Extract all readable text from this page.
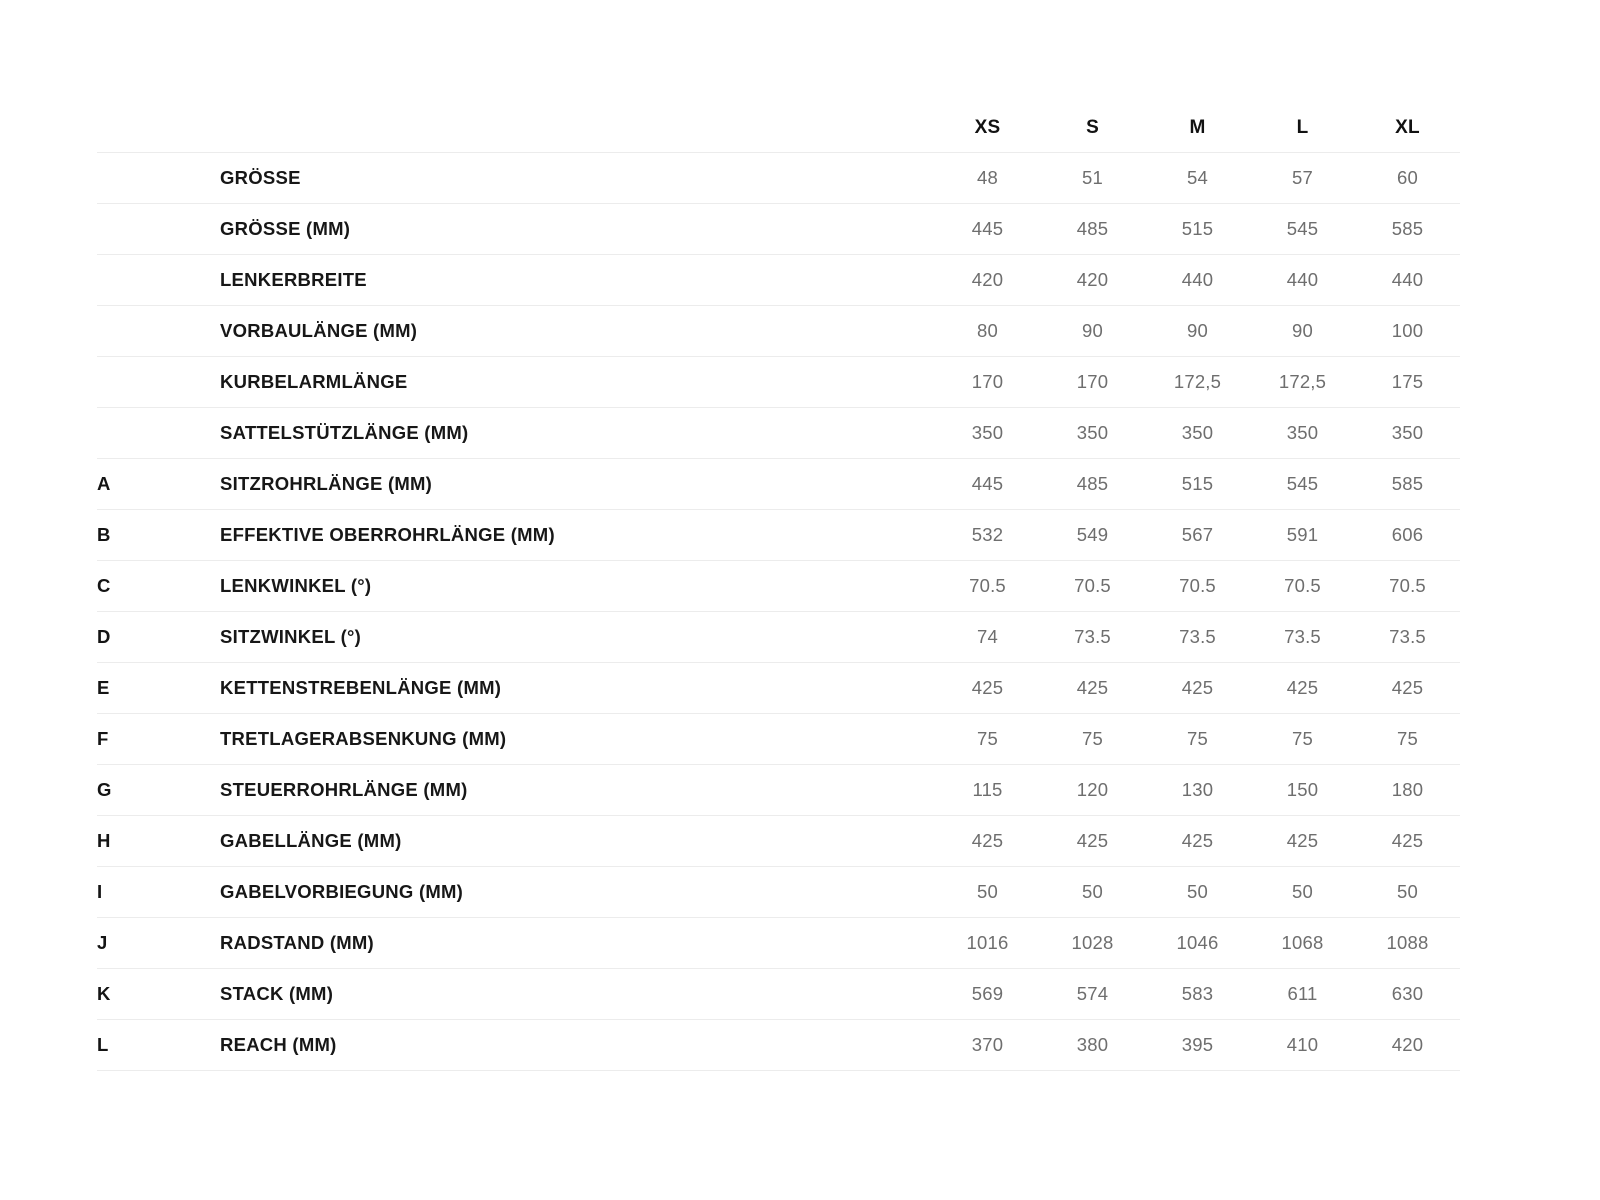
		XS	S	M	L	XL
	GRÖSSE	48	51	54	57	60
	GRÖSSE (MM)	445	485	515	545	585
	LENKERBREITE	420	420	440	440	440
	VORBAULÄNGE (MM)	80	90	90	90	100
	KURBELARMLÄNGE	170	170	172,5	172,5	175
	SATTELSTÜTZLÄNGE (MM)	350	350	350	350	350
A	SITZROHRLÄNGE (MM)	445	485	515	545	585
B	EFFEKTIVE OBERROHRLÄNGE (MM)	532	549	567	591	606
C	LENKWINKEL (°)	70.5	70.5	70.5	70.5	70.5
D	SITZWINKEL (°)	74	73.5	73.5	73.5	73.5
E	KETTENSTREBENLÄNGE (MM)	425	425	425	425	425
F	TRETLAGERABSENKUNG (MM)	75	75	75	75	75
G	STEUERROHRLÄNGE (MM)	115	120	130	150	180
H	GABELLÄNGE (MM)	425	425	425	425	425
I	GABELVORBIEGUNG (MM)	50	50	50	50	50
J	RADSTAND (MM)	1016	1028	1046	1068	1088
K	STACK (MM)	569	574	583	611	630
L	REACH (MM)	370	380	395	410	420
